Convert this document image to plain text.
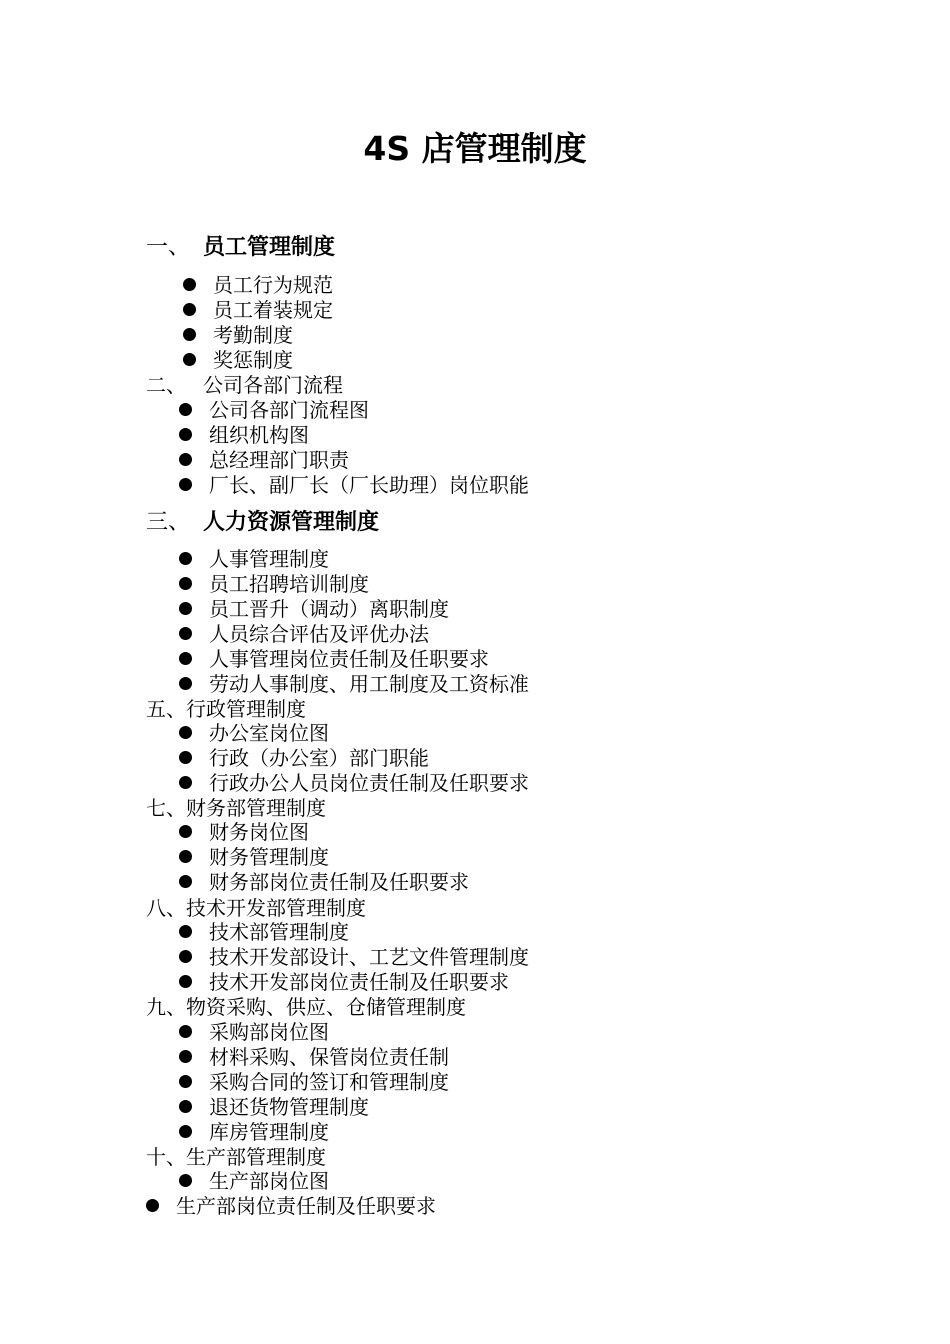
4S 店管理制度
一、 员工管理制度
员工行为规范
员工着装规定
考勤制度
奖惩制度
二、 公司各部门流程
公司各部门流程图
组织机构图
总经理部门职责
厂长、副厂长（厂长助理）岗位职能
三、 人力资源管理制度
人事管理制度
员工招聘培训制度
员工晋升（调动）离职制度
人员综合评估及评优办法
人事管理岗位责任制及任职要求
劳动人事制度、用工制度及工资标准
五、行政管理制度
办公室岗位图
行政（办公室）部门职能
行政办公人员岗位责任制及任职要求
七、财务部管理制度
财务岗位图
财务管理制度
财务部岗位责任制及任职要求
八、技术开发部管理制度
技术部管理制度
技术开发部设计、工艺文件管理制度
技术开发部岗位责任制及任职要求
九、物资采购、供应、仓储管理制度
采购部岗位图
材料采购、保管岗位责任制
采购合同的签订和管理制度
退还货物管理制度
库房管理制度
十、生产部管理制度
生产部岗位图
生产部岗位责任制及任职要求
